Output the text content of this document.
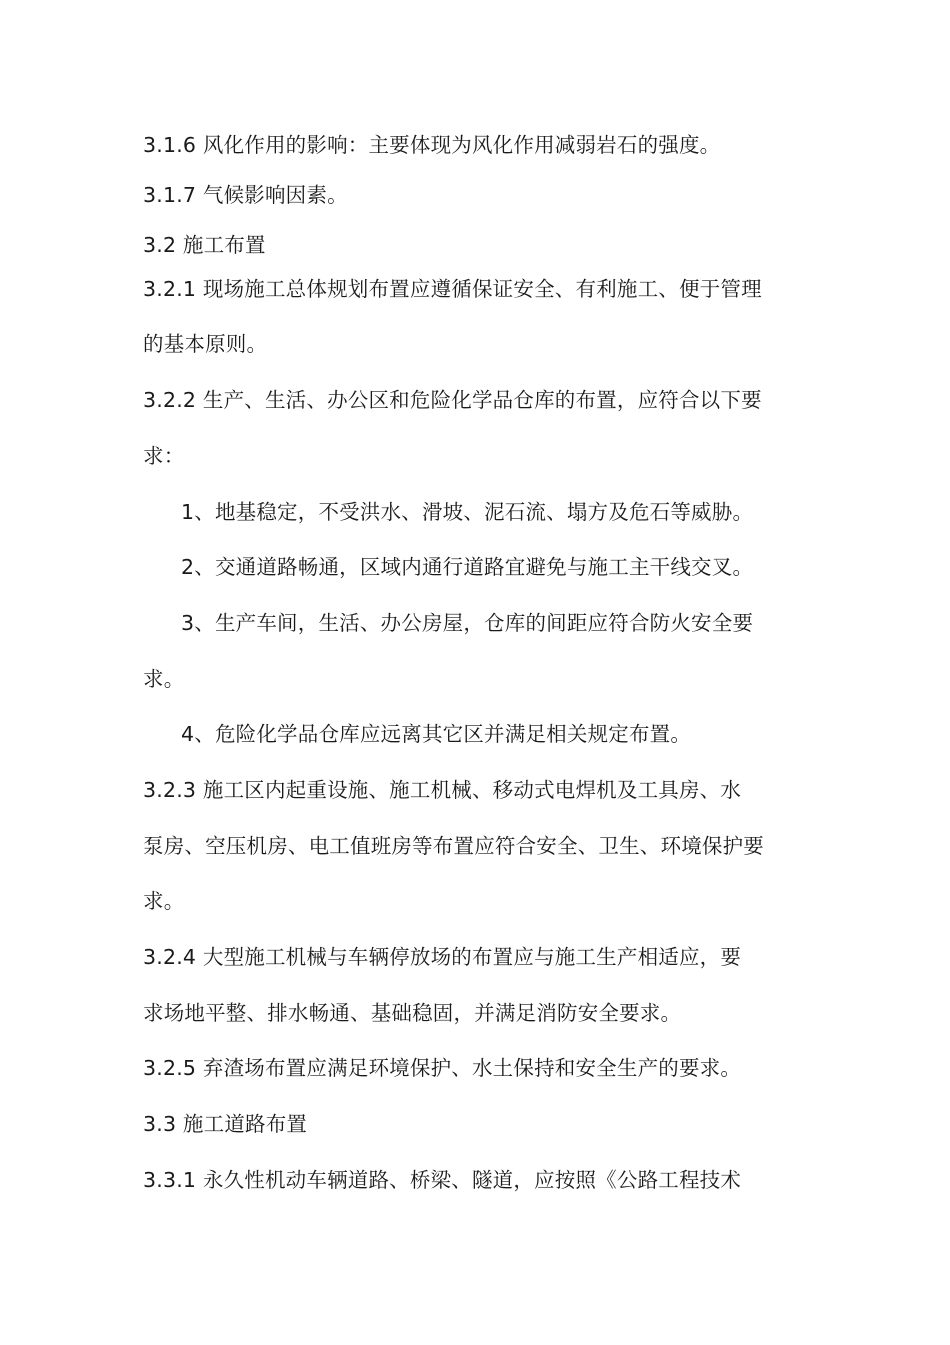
3.1.6 风化作用的影响：主要体现为风化作用减弱岩石的强度。
3.1.7 气候影响因素。
3.2 施工布置
3.2.1 现场施工总体规划布置应遵循保证安全、有利施工、便于管理
的基本原则。
3.2.2 生产、生活、办公区和危险化学品仓库的布置，应符合以下要
求：
1、地基稳定，不受洪水、滑坡、泥石流、塌方及危石等威胁。
2、交通道路畅通，区域内通行道路宜避免与施工主干线交叉。
3、生产车间，生活、办公房屋，仓库的间距应符合防火安全要
求。
4、危险化学品仓库应远离其它区并满足相关规定布置。
3.2.3 施工区内起重设施、施工机械、移动式电焊机及工具房、水
泵房、空压机房、电工值班房等布置应符合安全、卫生、环境保护要
求。
3.2.4 大型施工机械与车辆停放场的布置应与施工生产相适应，要
求场地平整、排水畅通、基础稳固，并满足消防安全要求。
3.2.5 弃渣场布置应满足环境保护、水土保持和安全生产的要求。
3.3 施工道路布置
3.3.1 永久性机动车辆道路、桥梁、隧道，应按照《公路工程技术
